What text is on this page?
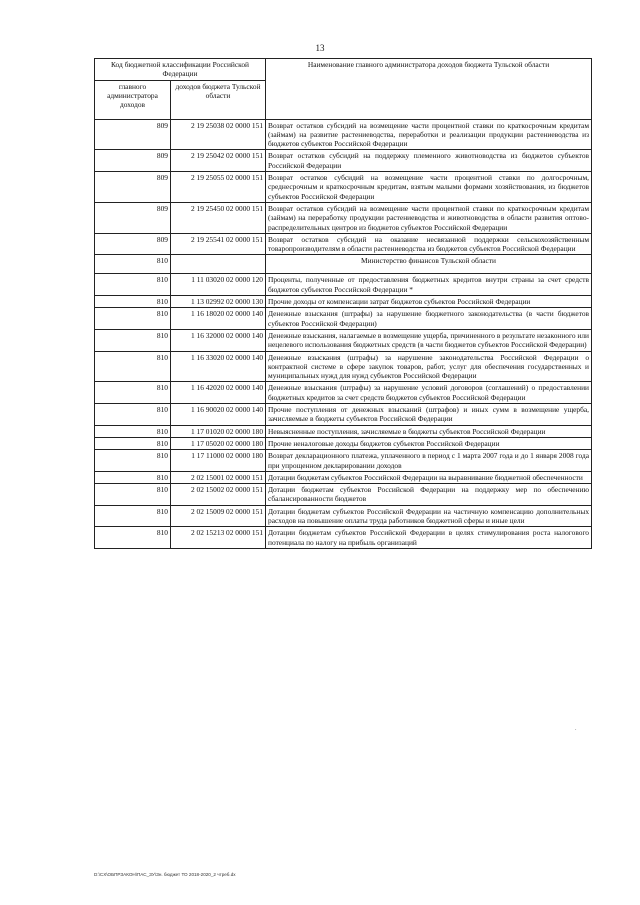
13
Код бюджетной классификации Российской Федерации		Наименование главного администратора доходов бюджета Тульской области
главного администратора доходов	доходов бюджета Тульской области	
809	2 19 25038 02 0000 151	Возврат остатков субсидий на возмещение части процентной ставки по краткосрочным кредитам (займам) на развитие растениеводства, переработки и реализации продукции растениеводства из бюджетов субъектов Российской Федерации
809	2 19 25042 02 0000 151	Возврат остатков субсидий на поддержку племенного животноводства из бюджетов субъектов Российской Федерации
809	2 19 25055 02 0000 151	Возврат остатков субсидий на возмещение части процентной ставки по долгосрочным, среднесрочным и краткосрочным кредитам, взятым малыми формами хозяйствования, из бюджетов субъектов Российской Федерации
809	2 19 25450 02 0000 151	Возврат остатков субсидий на возмещение части процентной ставки по краткосрочным кредитам (займам) на переработку продукции растениеводства и животноводства в области развития оптово-распределительных центров из бюджетов субъектов Российской Федерации
809	2 19 25541 02 0000 151	Возврат остатков субсидий на оказание несвязанной поддержки сельскохозяйственным товаропроизводителям в области растениеводства из бюджетов субъектов Российской Федерации
810		Министерство финансов Тульской области
810	1 11 03020 02 0000 120	Проценты, полученные от предоставления бюджетных кредитов внутри страны за счет средств бюджетов субъектов Российской Федерации *
810	1 13 02992 02 0000 130	Прочие доходы от компенсации затрат бюджетов субъектов Российской Федерации
810	1 16 18020 02 0000 140	Денежные взыскания (штрафы) за нарушение бюджетного законодательства (в части бюджетов субъектов Российской Федерации)
810	1 16 32000 02 0000 140	Денежные взыскания, налагаемые в возмещение ущерба, причиненного в результате незаконного или нецелевого использования бюджетных средств (в части бюджетов субъектов Российской Федерации)
810	1 16 33020 02 0000 140	Денежные взыскания (штрафы) за нарушение законодательства Российской Федерации о контрактной системе в сфере закупок товаров, работ, услуг для обеспечения государственных и муниципальных нужд для нужд субъектов Российской Федерации
810	1 16 42020 02 0000 140	Денежные взыскания (штрафы) за нарушение условий договоров (соглашений) о предоставлении бюджетных кредитов за счет средств бюджетов субъектов Российской Федерации
810	1 16 90020 02 0000 140	Прочие поступления от денежных взысканий (штрафов) и иных сумм в возмещение ущерба, зачисляемые в бюджеты субъектов Российской Федерации
810	1 17 01020 02 0000 180	Невыясненные поступления, зачисляемые в бюджеты субъектов Российской Федерации
810	1 17 05020 02 0000 180	Прочие неналоговые доходы бюджетов субъектов Российской Федерации
810	1 17 11000 02 0000 180	Возврат декларационного платежа, уплаченного в период с 1 марта 2007 года и до 1 января 2008 года при упрощенном декларировании доходов
810	2 02 15001 02 0000 151	Дотации бюджетам субъектов Российской Федерации на выравнивание бюджетной обеспеченности
810	2 02 15002 02 0000 151	Дотации бюджетам субъектов Российской Федерации на поддержку мер по обеспечению сбалансированности бюджетов
810	2 02 15009 02 0000 151	Дотации бюджетам субъектов Российской Федерации на частичную компенсацию дополнительных расходов на повышение оплаты труда работников бюджетной сферы и иные цели
810	2 02 15213 02 0000 151	Дотации бюджетам субъектов Российской Федерации в целях стимулирования роста налогового потенциала по налогу на прибыль организаций
.
D:\CX\ОБПРЗАКОН\ПАС_ЗУ\Зн. бюджет ТО 2018-2020_2 чтреб.dx
